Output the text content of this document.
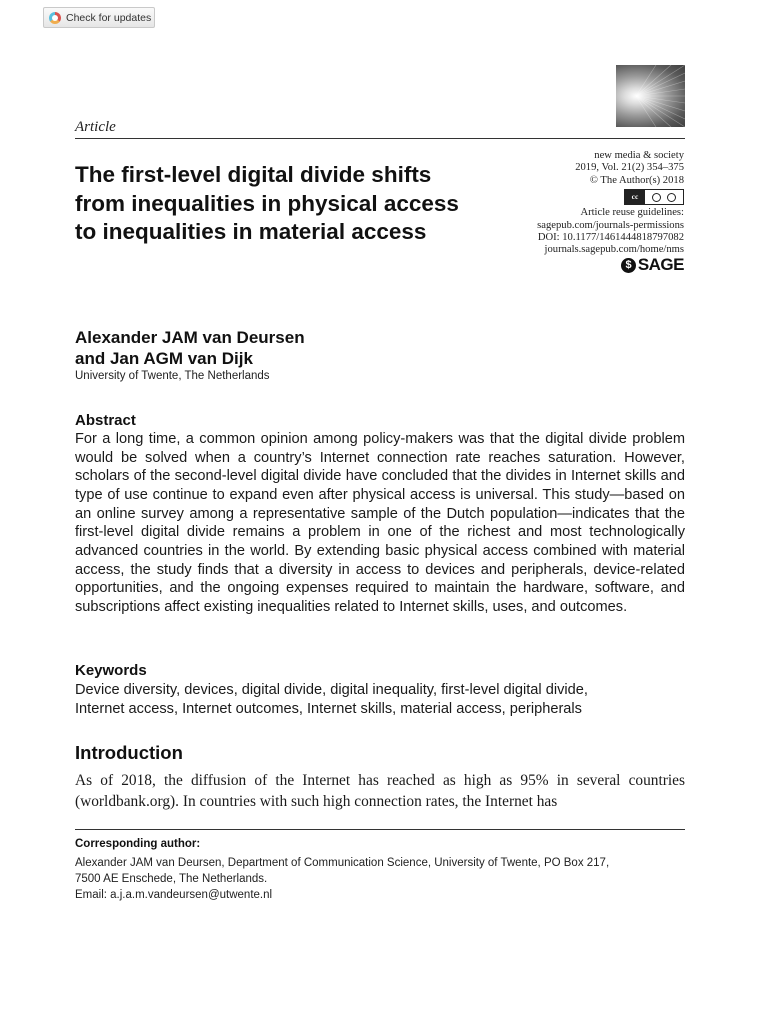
Check for updates
Article
The first-level digital divide shifts from inequalities in physical access to inequalities in material access
new media & society
2019, Vol. 21(2) 354–375
© The Author(s) 2018
cc
Article reuse guidelines:
sagepub.com/journals-permissions
DOI: 10.1177/1461444818797082
journals.sagepub.com/home/nms
$ SAGE
Alexander JAM van Deursen
and Jan AGM van Dijk
University of Twente, The Netherlands
Abstract

For a long time, a common opinion among policy-makers was that the digital divide problem would be solved when a country’s Internet connection rate reaches saturation. However, scholars of the second-level digital divide have concluded that the divides in Internet skills and type of use continue to expand even after physical access is universal. This study—based on an online survey among a representative sample of the Dutch population—indicates that the first-level digital divide remains a problem in one of the richest and most technologically advanced countries in the world. By extending basic physical access combined with material access, the study finds that a diversity in access to devices and peripherals, device-related opportunities, and the ongoing expenses required to maintain the hardware, software, and subscriptions affect existing inequalities related to Internet skills, uses, and outcomes.

Keywords
Device diversity, devices, digital divide, digital inequality, first-level digital divide,
Internet access, Internet outcomes, Internet skills, material access, peripherals
Introduction

As of 2018, the diffusion of the Internet has reached as high as 95% in several countries (worldbank.org). In countries with such high connection rates, the Internet has

Corresponding author:
Alexander JAM van Deursen, Department of Communication Science, University of Twente, PO Box 217,
7500 AE Enschede, The Netherlands.
Email: a.j.a.m.vandeursen@utwente.nl
